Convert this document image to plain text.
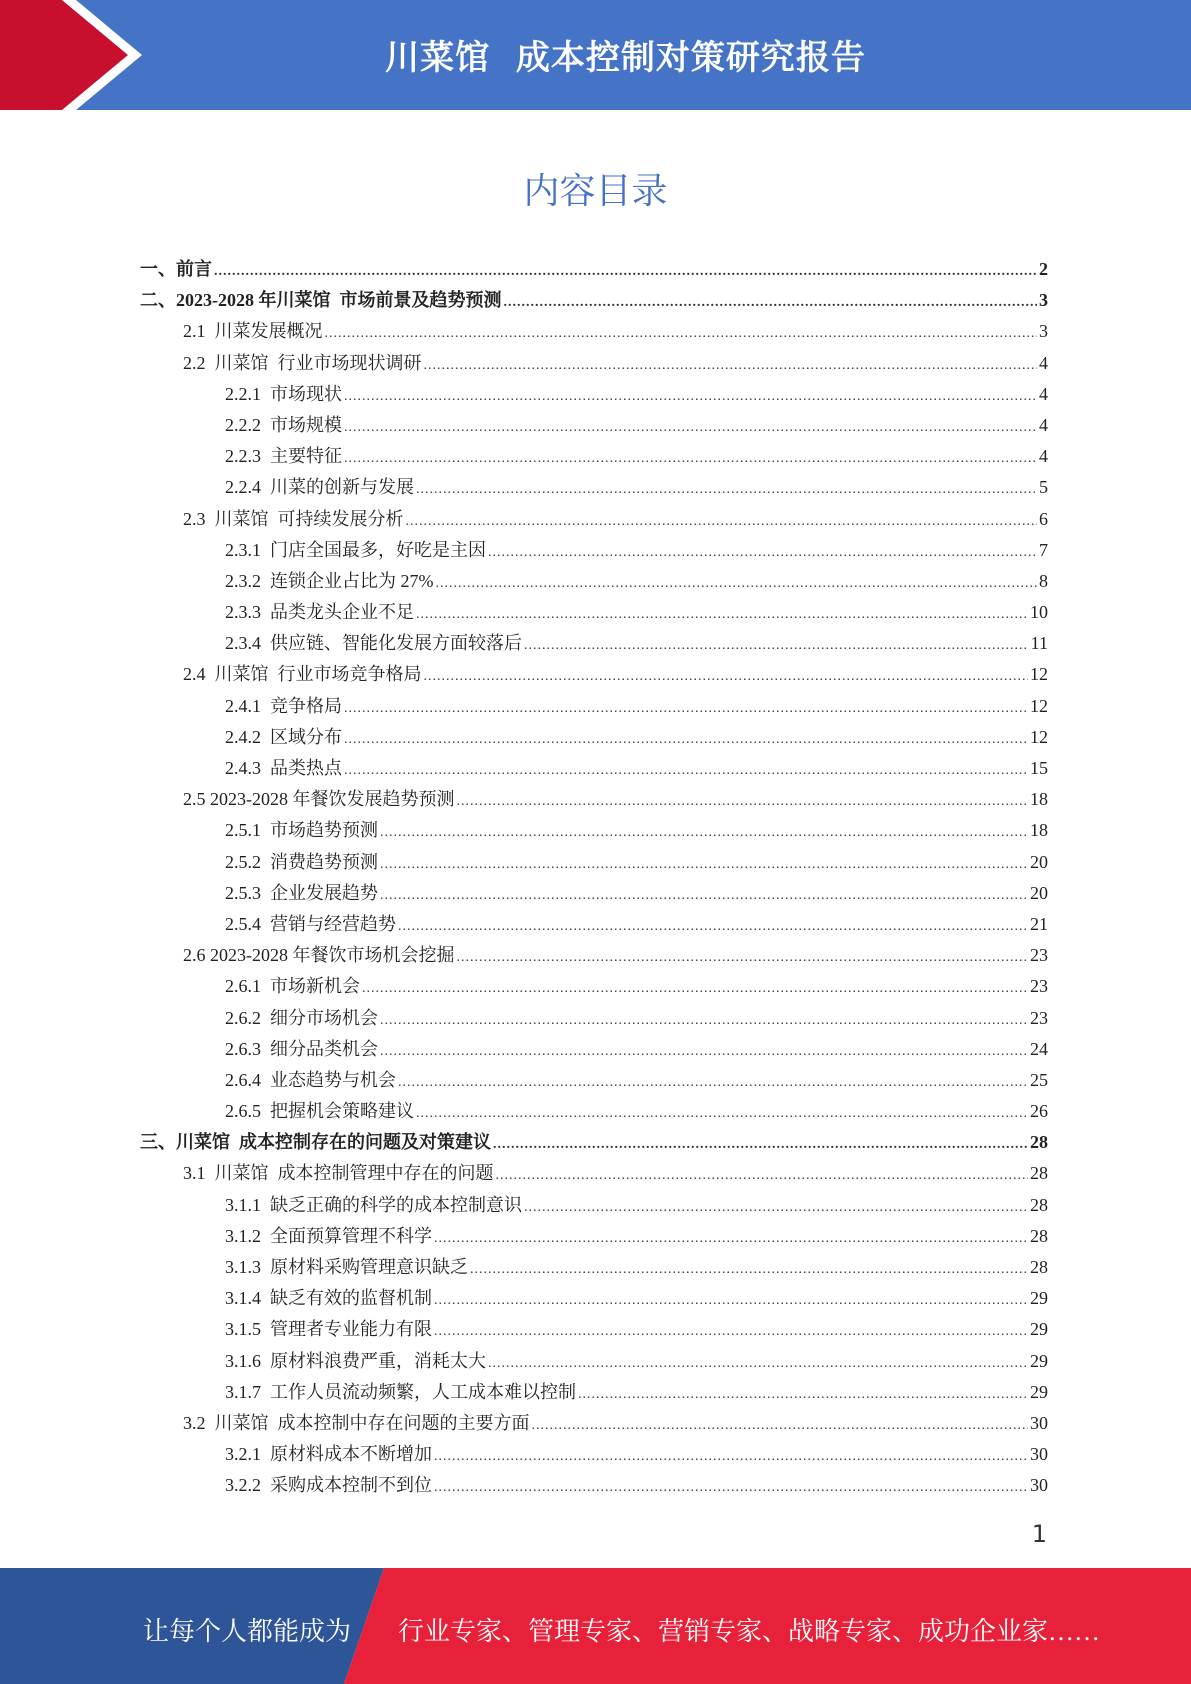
川菜馆  成本控制对策研究报告
内容目录
一、前言 .....	2
二、2023-2028 年川菜馆  市场前景及趋势预测 .....	3
2.1  川菜发展概况 .....	3
2.2  川菜馆  行业市场现状调研 .....	4
2.2.1  市场现状 .....	4
2.2.2  市场规模 .....	4
2.2.3  主要特征 .....	4
2.2.4  川菜的创新与发展 .....	5
2.3  川菜馆  可持续发展分析 .....	6
2.3.1  门店全国最多，好吃是主因 .....	7
2.3.2  连锁企业占比为 27% .....	8
2.3.3  品类龙头企业不足 .....	10
2.3.4  供应链、智能化发展方面较落后 .....	11
2.4  川菜馆  行业市场竞争格局 .....	12
2.4.1  竞争格局 .....	12
2.4.2  区域分布 .....	12
2.4.3  品类热点 .....	15
2.5 2023-2028 年餐饮发展趋势预测 .....	18
2.5.1  市场趋势预测 .....	18
2.5.2  消费趋势预测 .....	20
2.5.3  企业发展趋势 .....	20
2.5.4  营销与经营趋势 .....	21
2.6 2023-2028 年餐饮市场机会挖掘 .....	23
2.6.1  市场新机会 .....	23
2.6.2  细分市场机会 .....	23
2.6.3  细分品类机会 .....	24
2.6.4  业态趋势与机会 .....	25
2.6.5  把握机会策略建议 .....	26
三、川菜馆  成本控制存在的问题及对策建议 .....	28
3.1  川菜馆  成本控制管理中存在的问题 .....	28
3.1.1  缺乏正确的科学的成本控制意识 .....	28
3.1.2  全面预算管理不科学 .....	28
3.1.3  原材料采购管理意识缺乏 .....	28
3.1.4  缺乏有效的监督机制 .....	29
3.1.5  管理者专业能力有限 .....	29
3.1.6  原材料浪费严重，消耗太大 .....	29
3.1.7  工作人员流动频繁，人工成本难以控制 .....	29
3.2  川菜馆  成本控制中存在问题的主要方面 .....	30
3.2.1  原材料成本不断增加 .....	30
3.2.2  采购成本控制不到位 .....	30
1
让每个人都能成为 行业专家、管理专家、营销专家、战略专家、成功企业家……
